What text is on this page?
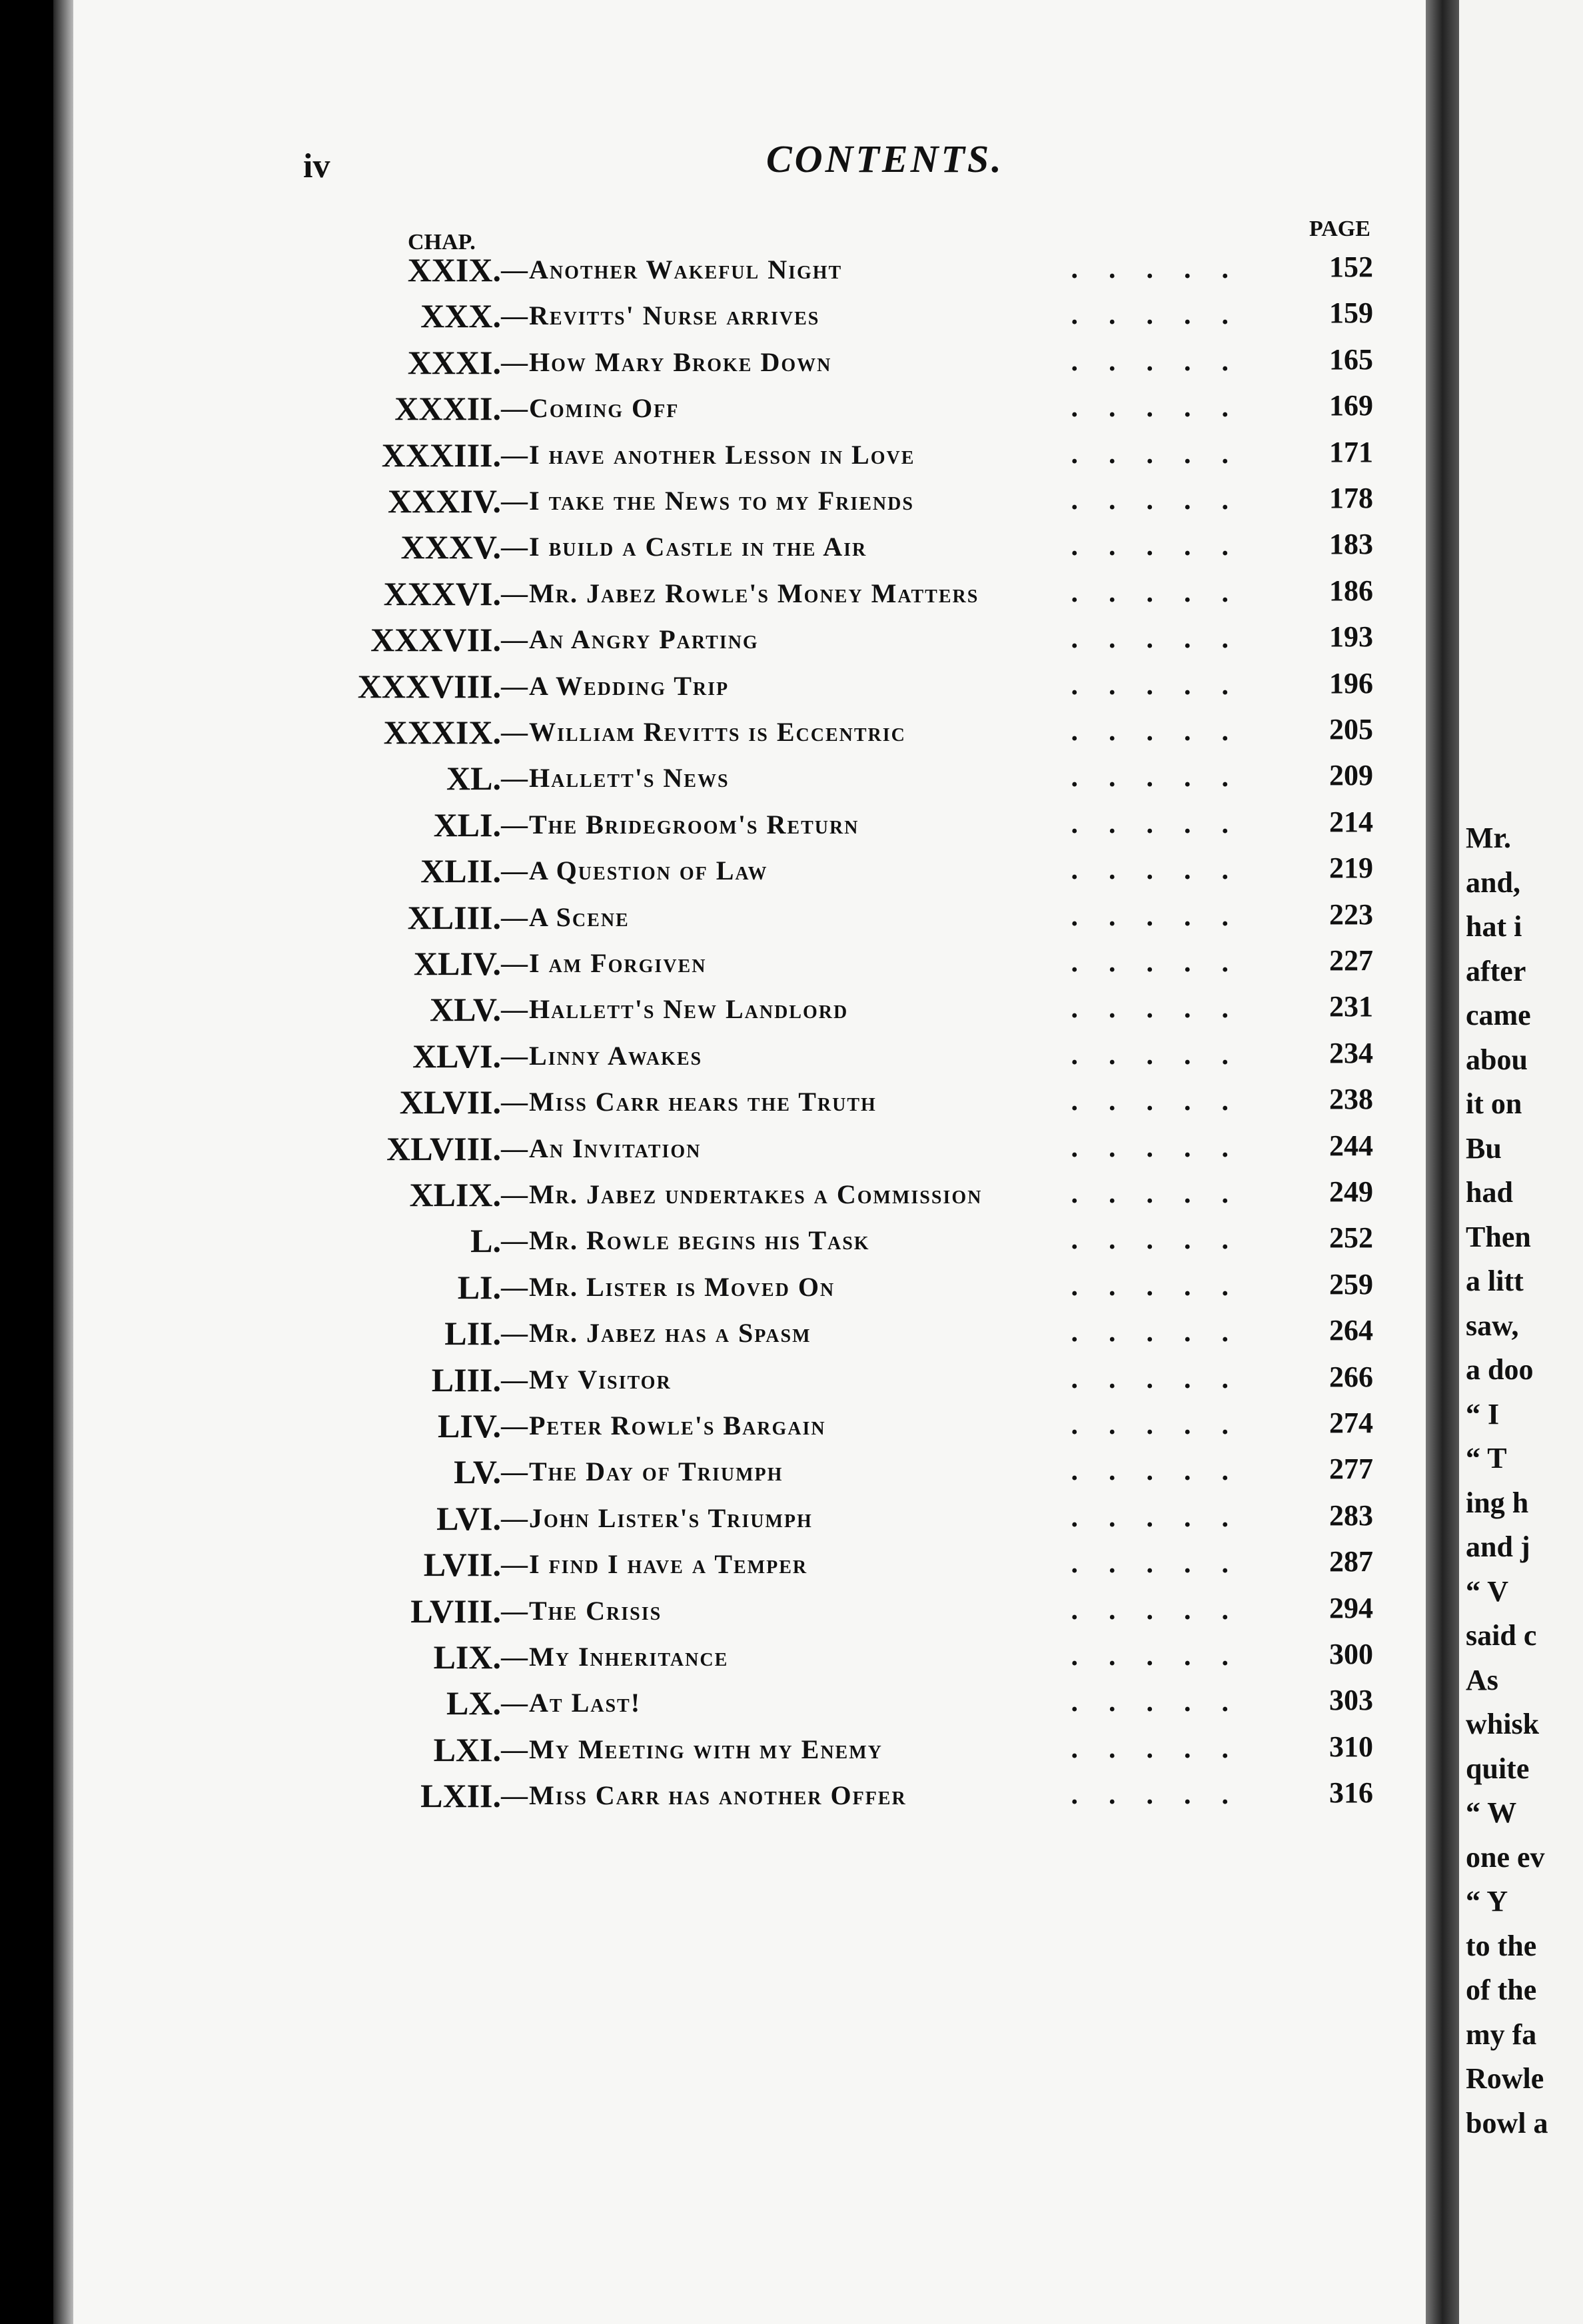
Mr.
and,
hat i
after
came
abou
it on
Bu
had
Then
a litt
saw,
a doo
“ I
“ T
ing h
and j
“ V
said c
As
whisk
quite
“ W
one ev
“ Y
to the
of the
my fa
Rowle
bowl a
iv	CONTENTS.
CHAP.
PAGE
XXIX. —Another Wakeful Night	..... 152
XXX. —Revitts' Nurse arrives	..... 159
XXXI. —How Mary Broke Down	..... 165
XXXII. —Coming Off	..... 169
XXXIII. —I have another Lesson in Love	..... 171
XXXIV. —I take the News to my Friends	..... 178
XXXV. —I build a Castle in the Air	..... 183
XXXVI. —Mr. Jabez Rowle's Money Matters	..... 186
XXXVII. —An Angry Parting	..... 193
XXXVIII. —A Wedding Trip	..... 196
XXXIX. —William Revitts is Eccentric	..... 205
XL. —Hallett's News	..... 209
XLI. —The Bridegroom's Return	..... 214
XLII. —A Question of Law	..... 219
XLIII. —A Scene	..... 223
XLIV. —I am Forgiven	..... 227
XLV. —Hallett's New Landlord	..... 231
XLVI. —Linny Awakes	..... 234
XLVII. —Miss Carr hears the Truth	..... 238
XLVIII. —An Invitation	..... 244
XLIX. —Mr. Jabez undertakes a Commission	..... 249
L. —Mr. Rowle begins his Task	..... 252
LI. —Mr. Lister is Moved On	..... 259
LII. —Mr. Jabez has a Spasm	..... 264
LIII. —My Visitor	..... 266
LIV. —Peter Rowle's Bargain	..... 274
LV. —The Day of Triumph	..... 277
LVI. —John Lister's Triumph	..... 283
LVII. —I find I have a Temper	..... 287
LVIII. —The Crisis	..... 294
LIX. —My Inheritance	..... 300
LX. —At Last!	..... 303
LXI. —My Meeting with my Enemy	..... 310
LXII. —Miss Carr has another Offer	..... 316
